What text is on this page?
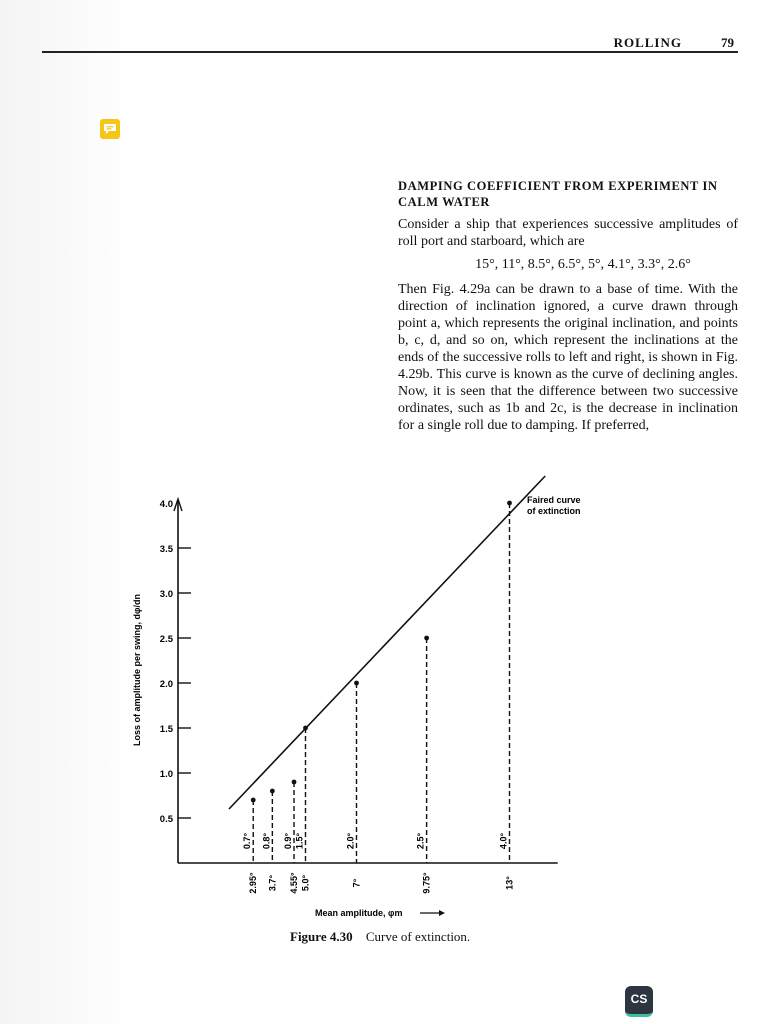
ROLLING	79
DAMPING COEFFICIENT FROM EXPERIMENT IN CALM WATER

Consider a ship that experiences successive amplitudes of roll port and starboard, which are

15°, 11°, 8.5°, 6.5°, 5°, 4.1°, 3.3°, 2.6°

Then Fig. 4.29a can be drawn to a base of time. With the direction of inclination ignored, a curve drawn through point a, which represents the original inclination, and points b, c, d, and so on, which represent the inclinations at the ends of the successive rolls to left and right, is shown in Fig. 4.29b. This curve is known as the curve of declining angles. Now, it is seen that the difference between two successive ordinates, such as 1b and 2c, is the decrease in inclination for a single roll due to damping. If preferred,

0.5
1.0
1.5
2.0
2.5
3.0
3.5
4.0
0.7°
2.95°
0.8°
3.7°
0.9°
4.55°
1.5°
5.0°
2.0°
7°
2.5°
9.75°
4.0°
13°
Faired curve
of extinction
Loss of amplitude per swing, dφ/dn
Mean amplitude, φm
Figure 4.30 Curve of extinction.
CS
